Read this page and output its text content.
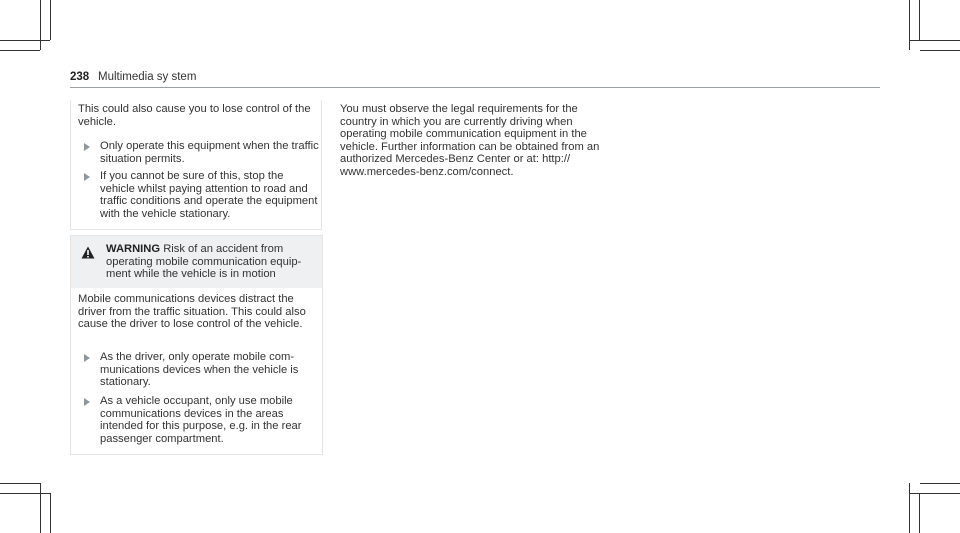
238 Multimedia sy stem
This could also cause you to lose control of the vehicle.
Only operate this equipment when the traffic situation permits.
If you cannot be sure of this, stop the vehicle whilst paying attention to road and traffic conditions and operate the equipment with the vehicle stationary.
WARNING Risk of an accident from operating mobile communication equip-ment while the vehicle is in motion
Mobile communications devices distract the driver from the traffic situation. This could also cause the driver to lose control of the vehicle.
As the driver, only operate mobile com-munications devices when the vehicle is stationary.
As a vehicle occupant, only use mobile communications devices in the areas intended for this purpose, e.g. in the rear passenger compartment.
You must observe the legal requirements for the country in which you are currently driving when operating mobile communication equipment in the vehicle. Further information can be obtained from an authorized Mercedes-Benz Center or at: http:// www.mercedes-benz.com/connect.
